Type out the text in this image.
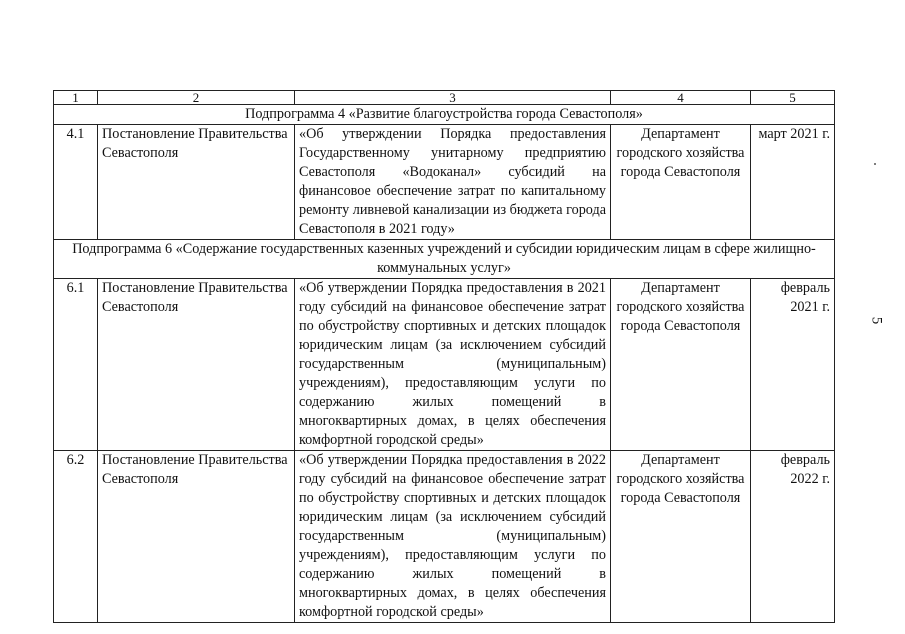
5
1	2	3	4	5
Подпрограмма 4 «Развитие благоустройства города Севастополя»				
4.1	Постановление Правительства Севастополя	«Об утверждении Порядка предоставления Государственному унитарному предприятию Севастополя «Водоканал» субсидий на финансовое обеспечение затрат по капитальному ремонту ливневой канализации из бюджета города Севастополя в 2021 году»	Департамент городского хозяйства города Севастополя	март 2021 г.
Подпрограмма 6 «Содержание государственных казенных учреждений и субсидии юридическим лицам в сфере жилищно-коммунальных услуг»				
6.1	Постановление Правительства Севастополя	«Об утверждении Порядка предоставления в 2021 году субсидий на финансовое обеспечение затрат по обустройству спортивных и детских площадок юридическим лицам (за исключением субсидий государственным (муниципальным) учреждениям), предоставляющим услуги по содержанию жилых помещений в многоквартирных домах, в целях обеспечения комфортной городской среды»	Департамент городского хозяйства города Севастополя	февраль 2021 г.
6.2	Постановление Правительства Севастополя	«Об утверждении Порядка предоставления в 2022 году субсидий на финансовое обеспечение затрат по обустройству спортивных и детских площадок юридическим лицам (за исключением субсидий государственным (муниципальным) учреждениям), предоставляющим услуги по содержанию жилых помещений в многоквартирных домах, в целях обеспечения комфортной городской среды»	Департамент городского хозяйства города Севастополя	февраль 2022 г.
